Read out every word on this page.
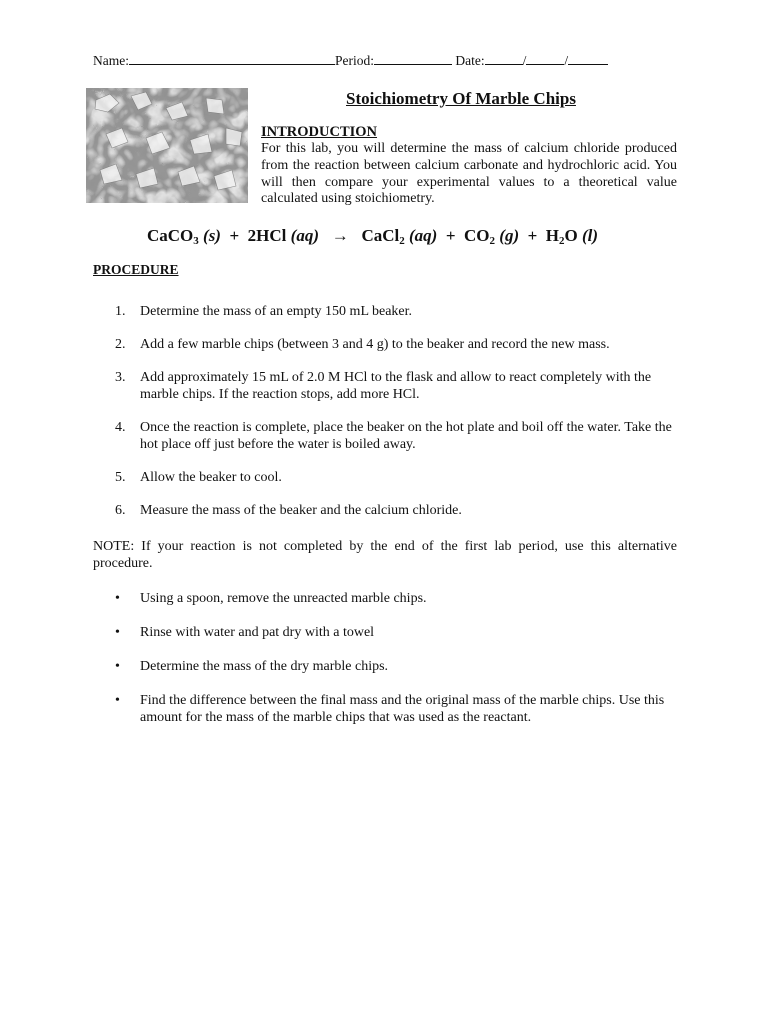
Name:	Period:	Date:	/	/
Stoichiometry Of Marble Chips
INTRODUCTION
For this lab, you will determine the mass of calcium chloride produced from the reaction between calcium carbonate and hydrochloric acid. You will then compare your experimental values to a theoretical value calculated using stoichiometry.
CaCO$_3$ (s) + 2HCl (aq) → CaCl$_2$ $(aq) + CO_2$ $(g) + H_2O$ (l)
PROCEDURE
1. Determine the mass of an empty 150 mL beaker.
2. Add a few marble chips (between 3 and 4 g) to the beaker and record the new mass.
3. Add approximately 15 mL of 2.0 M HCl to the flask and allow to react completely with the marble chips. If the reaction stops, add more HCl.
4. Once the reaction is complete, place the beaker on the hot plate and boil off the water. Take the hot place off just before the water is boiled away.
5. Allow the beaker to cool.
6. Measure the mass of the beaker and the calcium chloride.
NOTE: If your reaction is not completed by the end of the first lab period, use this alternative procedure.
• Using a spoon, remove the unreacted marble chips.
• Rinse with water and pat dry with a towel
• Determine the mass of the dry marble chips.
• Find the difference between the final mass and the original mass of the marble chips. Use this amount for the mass of the marble chips that was used as the reactant.
